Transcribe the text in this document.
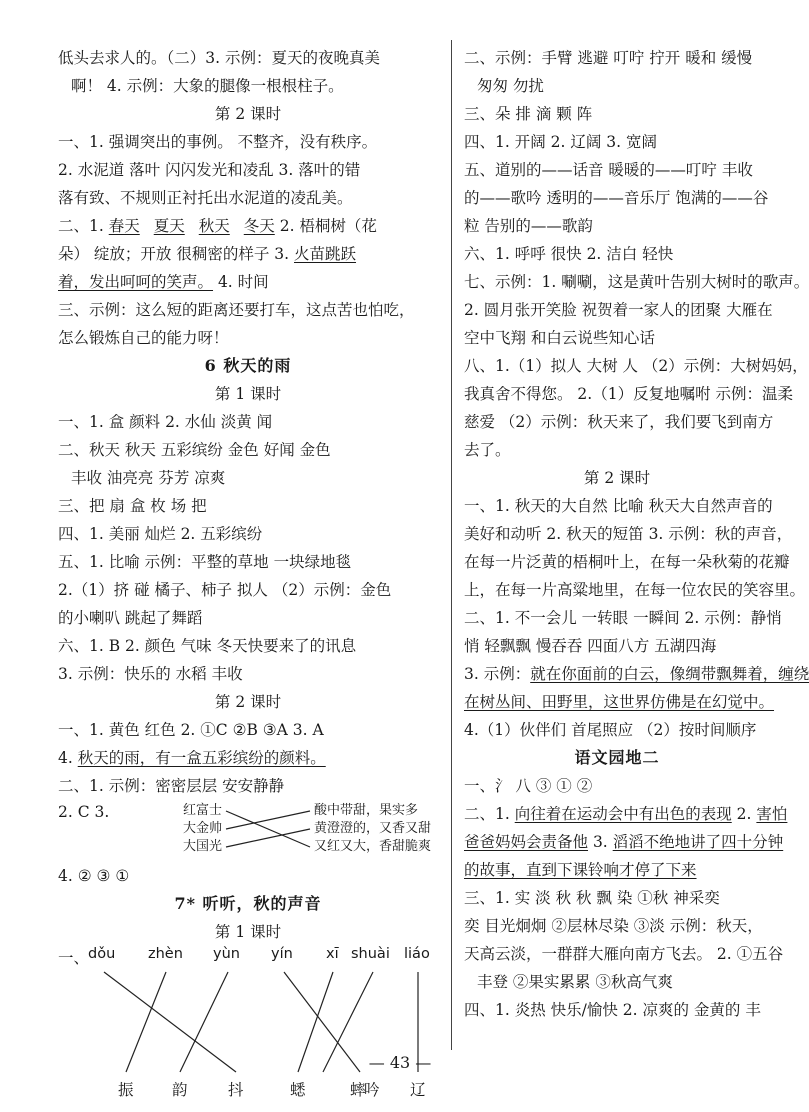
低头去求人的。（二）3. 示例：夏天的夜晚真美
啊！ 4. 示例：大象的腿像一根根柱子。
第 2 课时
一、1. 强调突出的事例。 不整齐，没有秩序。
2. 水泥道 落叶 闪闪发光和凌乱 3. 落叶的错
落有致、不规则正衬托出水泥道的凌乱美。
二、1. 春天 夏天 秋天 冬天 2. 梧桐树（花
朵） 绽放；开放 很稠密的样子 3. 火苗跳跃
着，发出呵呵的笑声。 4. 时间
三、示例：这么短的距离还要打车，这点苦也怕吃，
怎么锻炼自己的能力呀！
6 秋天的雨
第 1 课时
一、1. 盒 颜料 2. 水仙 淡黄 闻
二、秋天 秋天 五彩缤纷 金色 好闻 金色
丰收 油亮亮 芬芳 凉爽
三、把 扇 盒 枚 场 把
四、1. 美丽 灿烂 2. 五彩缤纷
五、1. 比喻 示例：平整的草地 一块绿地毯
2.（1）挤 碰 橘子、柿子 拟人 （2）示例：金色
的小喇叭 跳起了舞蹈
六、1. B 2. 颜色 气味 冬天快要来了的讯息
3. 示例：快乐的 水稻 丰收
第 2 课时
一、1. 黄色 红色 2. ①C ②B ③A 3. A
4. 秋天的雨，有一盒五彩缤纷的颜料。
二、1. 示例：密密层层 安安静静
2. C 3.	红富士
大金帅
大国光
酸中带甜，果实多
黄澄澄的，又香又甜
又红又大，香甜脆爽
4. ② ③ ①
7* 听听，秋的声音
第 1 课时
一、
dǒu zhèn yùn yín xī shuài liáo
振 韵	抖	蟋	蟀
吟 辽
二、示例：手臂 逃避 叮咛 拧开 暖和 缓慢
匆匆 勿扰
三、朵 排 滴 颗 阵
四、1. 开阔 2. 辽阔 3. 宽阔
五、道别的——话音 暖暖的——叮咛 丰收
的——歌吟 透明的——音乐厅 饱满的——谷
粒 告别的——歌韵
六、1. 呼呼 很快 2. 洁白 轻快
七、示例：1. 唰唰，这是黄叶告别大树时的歌声。
2. 圆月张开笑脸 祝贺着一家人的团聚 大雁在
空中飞翔 和白云说些知心话
八、1.（1）拟人 大树 人 （2）示例：大树妈妈，
我真舍不得您。 2.（1）反复地嘱咐 示例：温柔
慈爱 （2）示例：秋天来了，我们要飞到南方
去了。
第 2 课时
一、1. 秋天的大自然 比喻 秋天大自然声音的
美好和动听 2. 秋天的短笛 3. 示例：秋的声音，
在每一片泛黄的梧桐叶上，在每一朵秋菊的花瓣
上，在每一片高粱地里，在每一位农民的笑容里。
二、1. 不一会儿 一转眼 一瞬间 2. 示例：静悄
悄 轻飘飘 慢吞吞 四面八方 五湖四海
3. 示例：就在你面前的白云，像绸带飘舞着，缠绕
在树丛间、田野里，这世界仿佛是在幻觉中。
4.（1）伙伴们 首尾照应 （2）按时间顺序
语文园地二
一、氵 八 ③ ① ②
二、1. 向往着在运动会中有出色的表现 2. 害怕
爸爸妈妈会责备他 3. 滔滔不绝地讲了四十分钟
的故事，直到下课铃响才停了下来
三、1. 实 淡 秋 秋 飘 染 ①秋 神采奕
奕 目光炯炯 ②层林尽染 ③淡 示例：秋天，
天高云淡，一群群大雁向南方飞去。 2. ①五谷
丰登 ②果实累累 ③秋高气爽
四、1. 炎热 快乐/愉快 2. 凉爽的 金黄的 丰
— 43 —
